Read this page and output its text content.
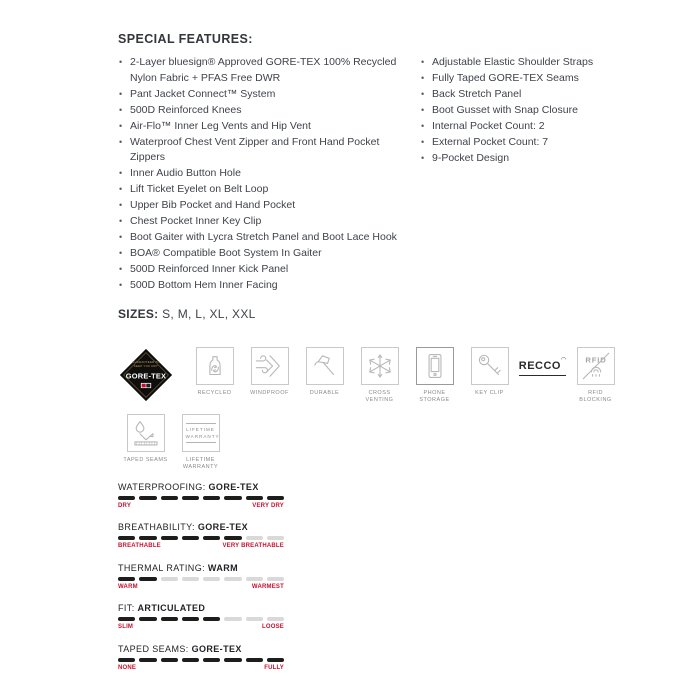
SPECIAL FEATURES:
• 2-Layer bluesign® Approved GORE-TEX 100% Recycled Nylon Fabric + PFAS Free DWR
• Pant Jacket Connect™ System
• 500D Reinforced Knees
• Air-Flo™ Inner Leg Vents and Hip Vent
• Waterproof Chest Vent Zipper and Front Hand Pocket Zippers
• Inner Audio Button Hole
• Lift Ticket Eyelet on Belt Loop
• Upper Bib Pocket and Hand Pocket
• Chest Pocket Inner Key Clip
• Boot Gaiter with Lycra Stretch Panel and Boot Lace Hook
• BOA® Compatible Boot System In Gaiter
• 500D Reinforced Inner Kick Panel
• 500D Bottom Hem Inner Facing
• Adjustable Elastic Shoulder Straps
• Fully Taped GORE-TEX Seams
• Back Stretch Panel
• Boot Gusset with Snap Closure
• Internal Pocket Count: 2
• External Pocket Count: 7
• 9-Pocket Design
SIZES: S, M, L, XL, XXL
GUARANTEED TO
KEEP YOU DRY
GORE-TEX
RECYCLED	WINDPROOF	DURABLE	CROSS VENTING
PHONE STORAGE
KEY CLIP
RECCO◠ RFID
RFID BLOCKING
TAPED SEAMS
LIFETIME
WARRANTY
LIFETIME WARRANTY
WATERPROOFING: GORE-TEX
DRY	VERY DRY
BREATHABILITY: GORE-TEX
BREATHABLE	VERY BREATHABLE
THERMAL RATING: WARM
WARM	WARMEST
FIT: ARTICULATED
SLIM	LOOSE
TAPED SEAMS: GORE-TEX
NONE	FULLY
